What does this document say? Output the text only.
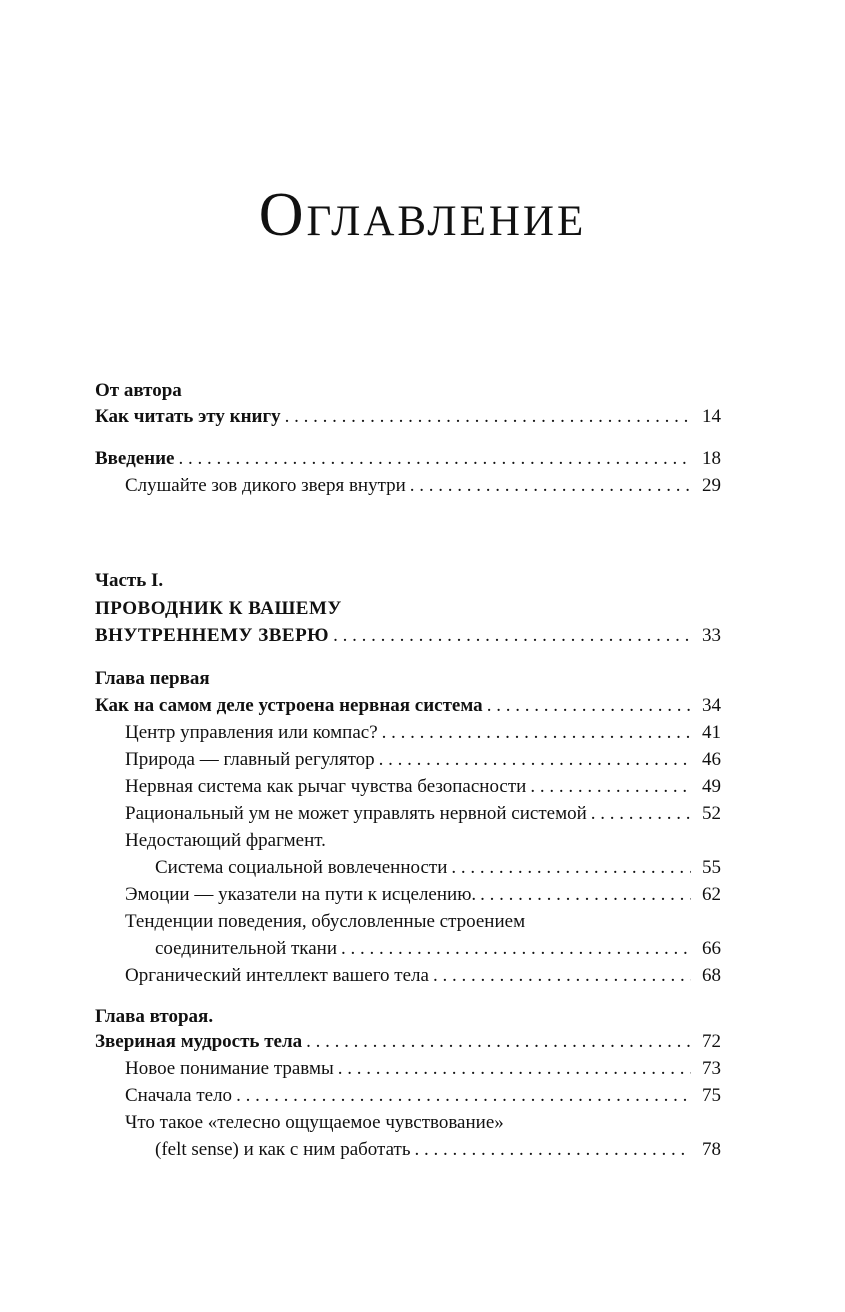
Оглавление
От автора
Как читать эту книгу . . .	14
Введение . . .	18
Слушайте зов дикого зверя внутри . . .	29
Часть I.
ПРОВОДНИК К ВАШЕМУ
ВНУТРЕННЕМУ ЗВЕРЮ . . .	33
Глава первая
Как на самом деле устроена нервная система . . .	34
Центр управления или компас? . . .	41
Природа — главный регулятор . . .	46
Нервная система как рычаг чувства безопасности . . .	49
Рациональный ум не может управлять нервной системой . . .	52
Недостающий фрагмент.
Система социальной вовлеченности . . .	55
Эмоции — указатели на пути к исцелению. . . .	62
Тенденции поведения, обусловленные строением
соединительной ткани . . .	66
Органический интеллект вашего тела . . .	68
Глава вторая.
Звериная мудрость тела . . .	72
Новое понимание травмы . . .	73
Сначала тело . . .	75
Что такое «телесно ощущаемое чувствование»
(felt sense) и как с ним работать . . .	78
